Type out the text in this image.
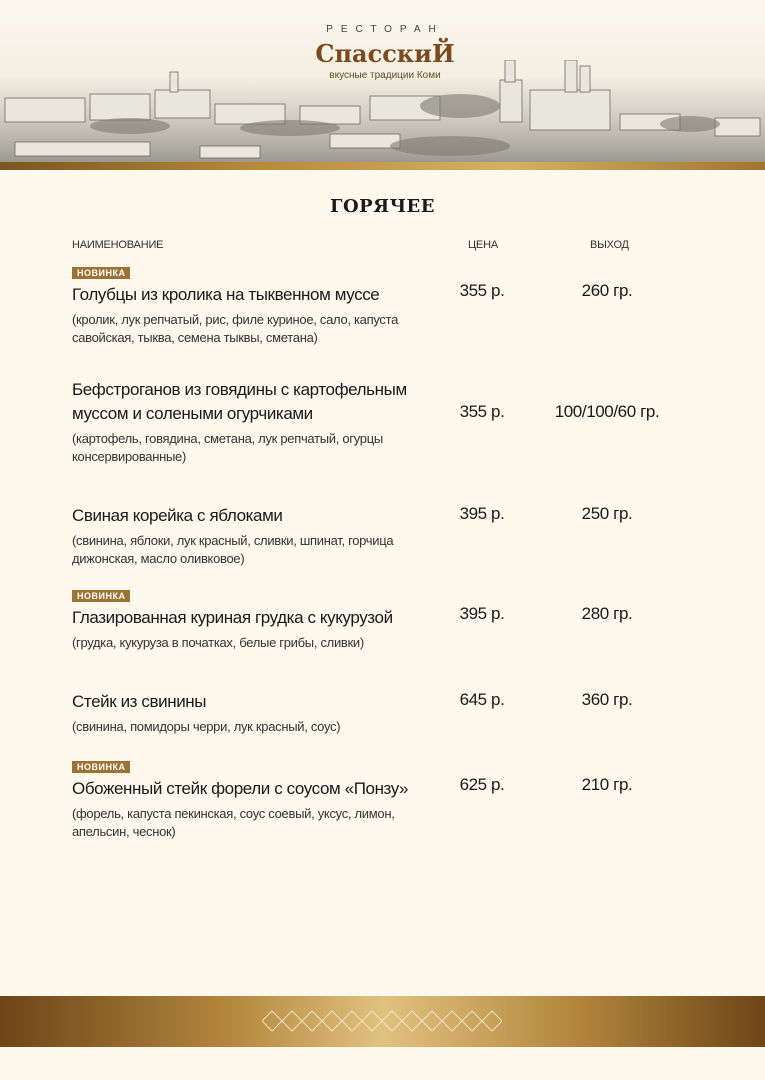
РЕСТОРАН
СпасскиЙ
вкусные традиции Коми
ГОРЯЧЕЕ
НАИМЕНОВАНИЕ	ЦЕНА	ВЫХОД
НОВИНКА
Голубцы из кролика на тыквенном муссе
(кролик, лук репчатый, рис, филе куриное, сало, капуста савойская, тыква, семена тыквы, сметана)
355 р.	260 гр.
Бефстроганов из говядины с картофельным муссом и солеными огурчиками
(картофель, говядина, сметана, лук репчатый, огурцы консервированные)
355 р.	100/100/60 гр.
Свиная корейка с яблоками
(свинина, яблоки, лук красный, сливки, шпинат, горчица дижонская, масло оливковое)
395 р.	250 гр.
НОВИНКА
Глазированная куриная грудка с кукурузой
(грудка, кукуруза в початках, белые грибы, сливки)
395 р.	280 гр.
Стейк из свинины
(свинина, помидоры черри, лук красный, соус)
645 р.	360 гр.
НОВИНКА
Обоженный стейк форели с соусом «Понзу»
(форель, капуста пекинская, соус соевый, уксус, лимон, апельсин, чеснок)
625 р.	210 гр.
